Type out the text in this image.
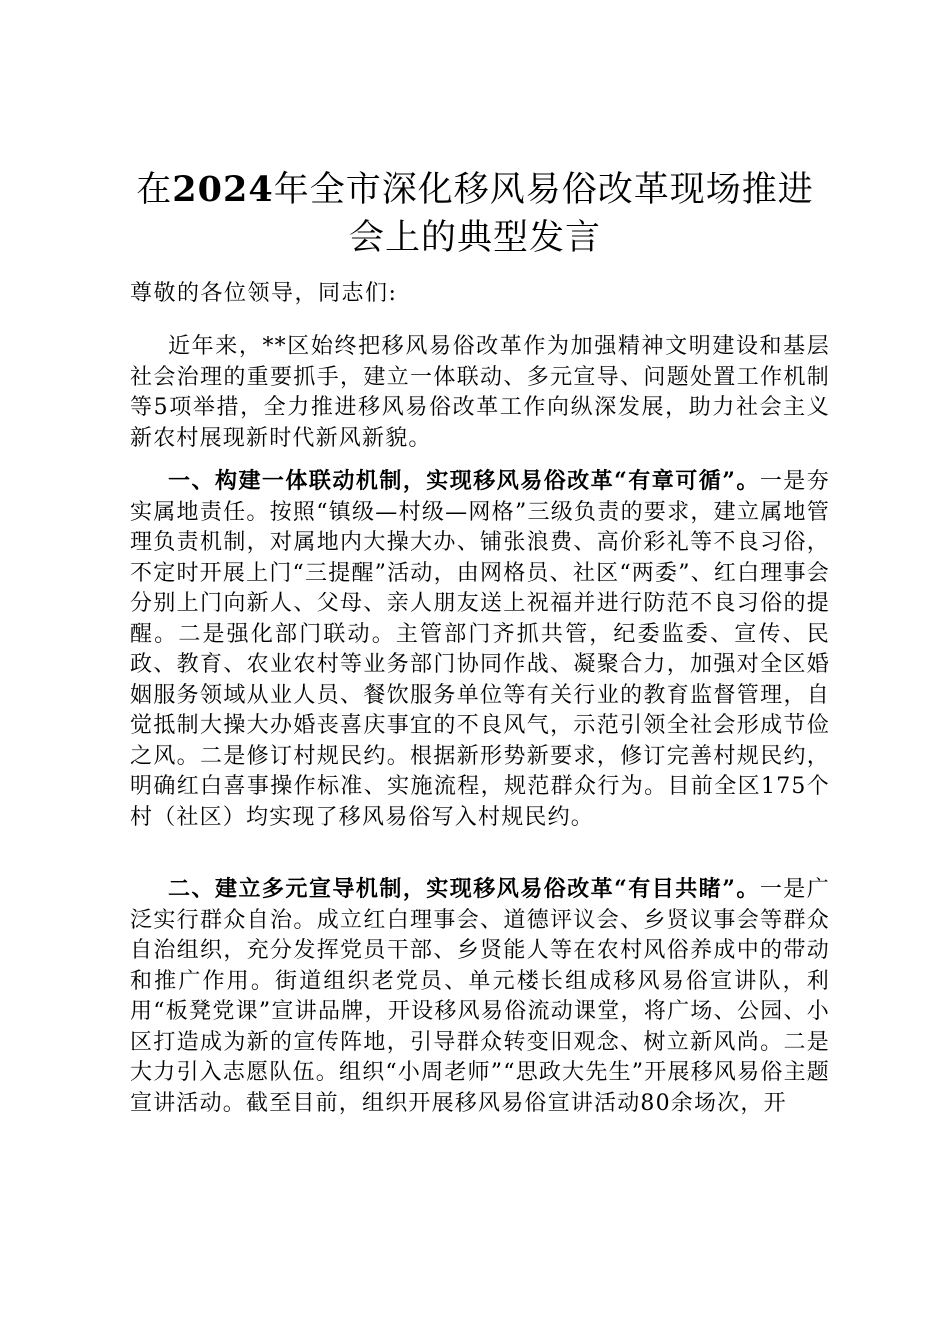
在2024年全市深化移风易俗改革现场推进会上的典型发言
尊敬的各位领导，同志们:

近年来，**区始终把移风易俗改革作为加强精神文明建设和基层社会治理的重要抓手，建立一体联动、多元宣导、问题处置工作机制等5项举措，全力推进移风易俗改革工作向纵深发展，助力社会主义新农村展现新时代新风新貌。

一、构建一体联动机制，实现移风易俗改革“有章可循”。一是夯实属地责任。按照“镇级—村级—网格”三级负责的要求，建立属地管理负责机制，对属地内大操大办、铺张浪费、高价彩礼等不良习俗，不定时开展上门“三提醒”活动，由网格员、社区“两委”、红白理事会分别上门向新人、父母、亲人朋友送上祝福并进行防范不良习俗的提醒。二是强化部门联动。主管部门齐抓共管，纪委监委、宣传、民政、教育、农业农村等业务部门协同作战、凝聚合力，加强对全区婚姻服务领域从业人员、餐饮服务单位等有关行业的教育监督管理，自觉抵制大操大办婚丧喜庆事宜的不良风气，示范引领全社会形成节俭之风。二是修订村规民约。根据新形势新要求，修订完善村规民约，明确红白喜事操作标准、实施流程，规范群众行为。目前全区175个村（社区）均实现了移风易俗写入村规民约。

二、建立多元宣导机制，实现移风易俗改革“有目共睹”。一是广泛实行群众自治。成立红白理事会、道德评议会、乡贤议事会等群众自治组织，充分发挥党员干部、乡贤能人等在农村风俗养成中的带动和推广作用。街道组织老党员、单元楼长组成移风易俗宣讲队，利用“板凳党课”宣讲品牌，开设移风易俗流动课堂，将广场、公园、小区打造成为新的宣传阵地，引导群众转变旧观念、树立新风尚。二是大力引入志愿队伍。组织“小周老师”“思政大先生”开展移风易俗主题宣讲活动。截至目前，组织开展移风易俗宣讲活动80余场次，开
